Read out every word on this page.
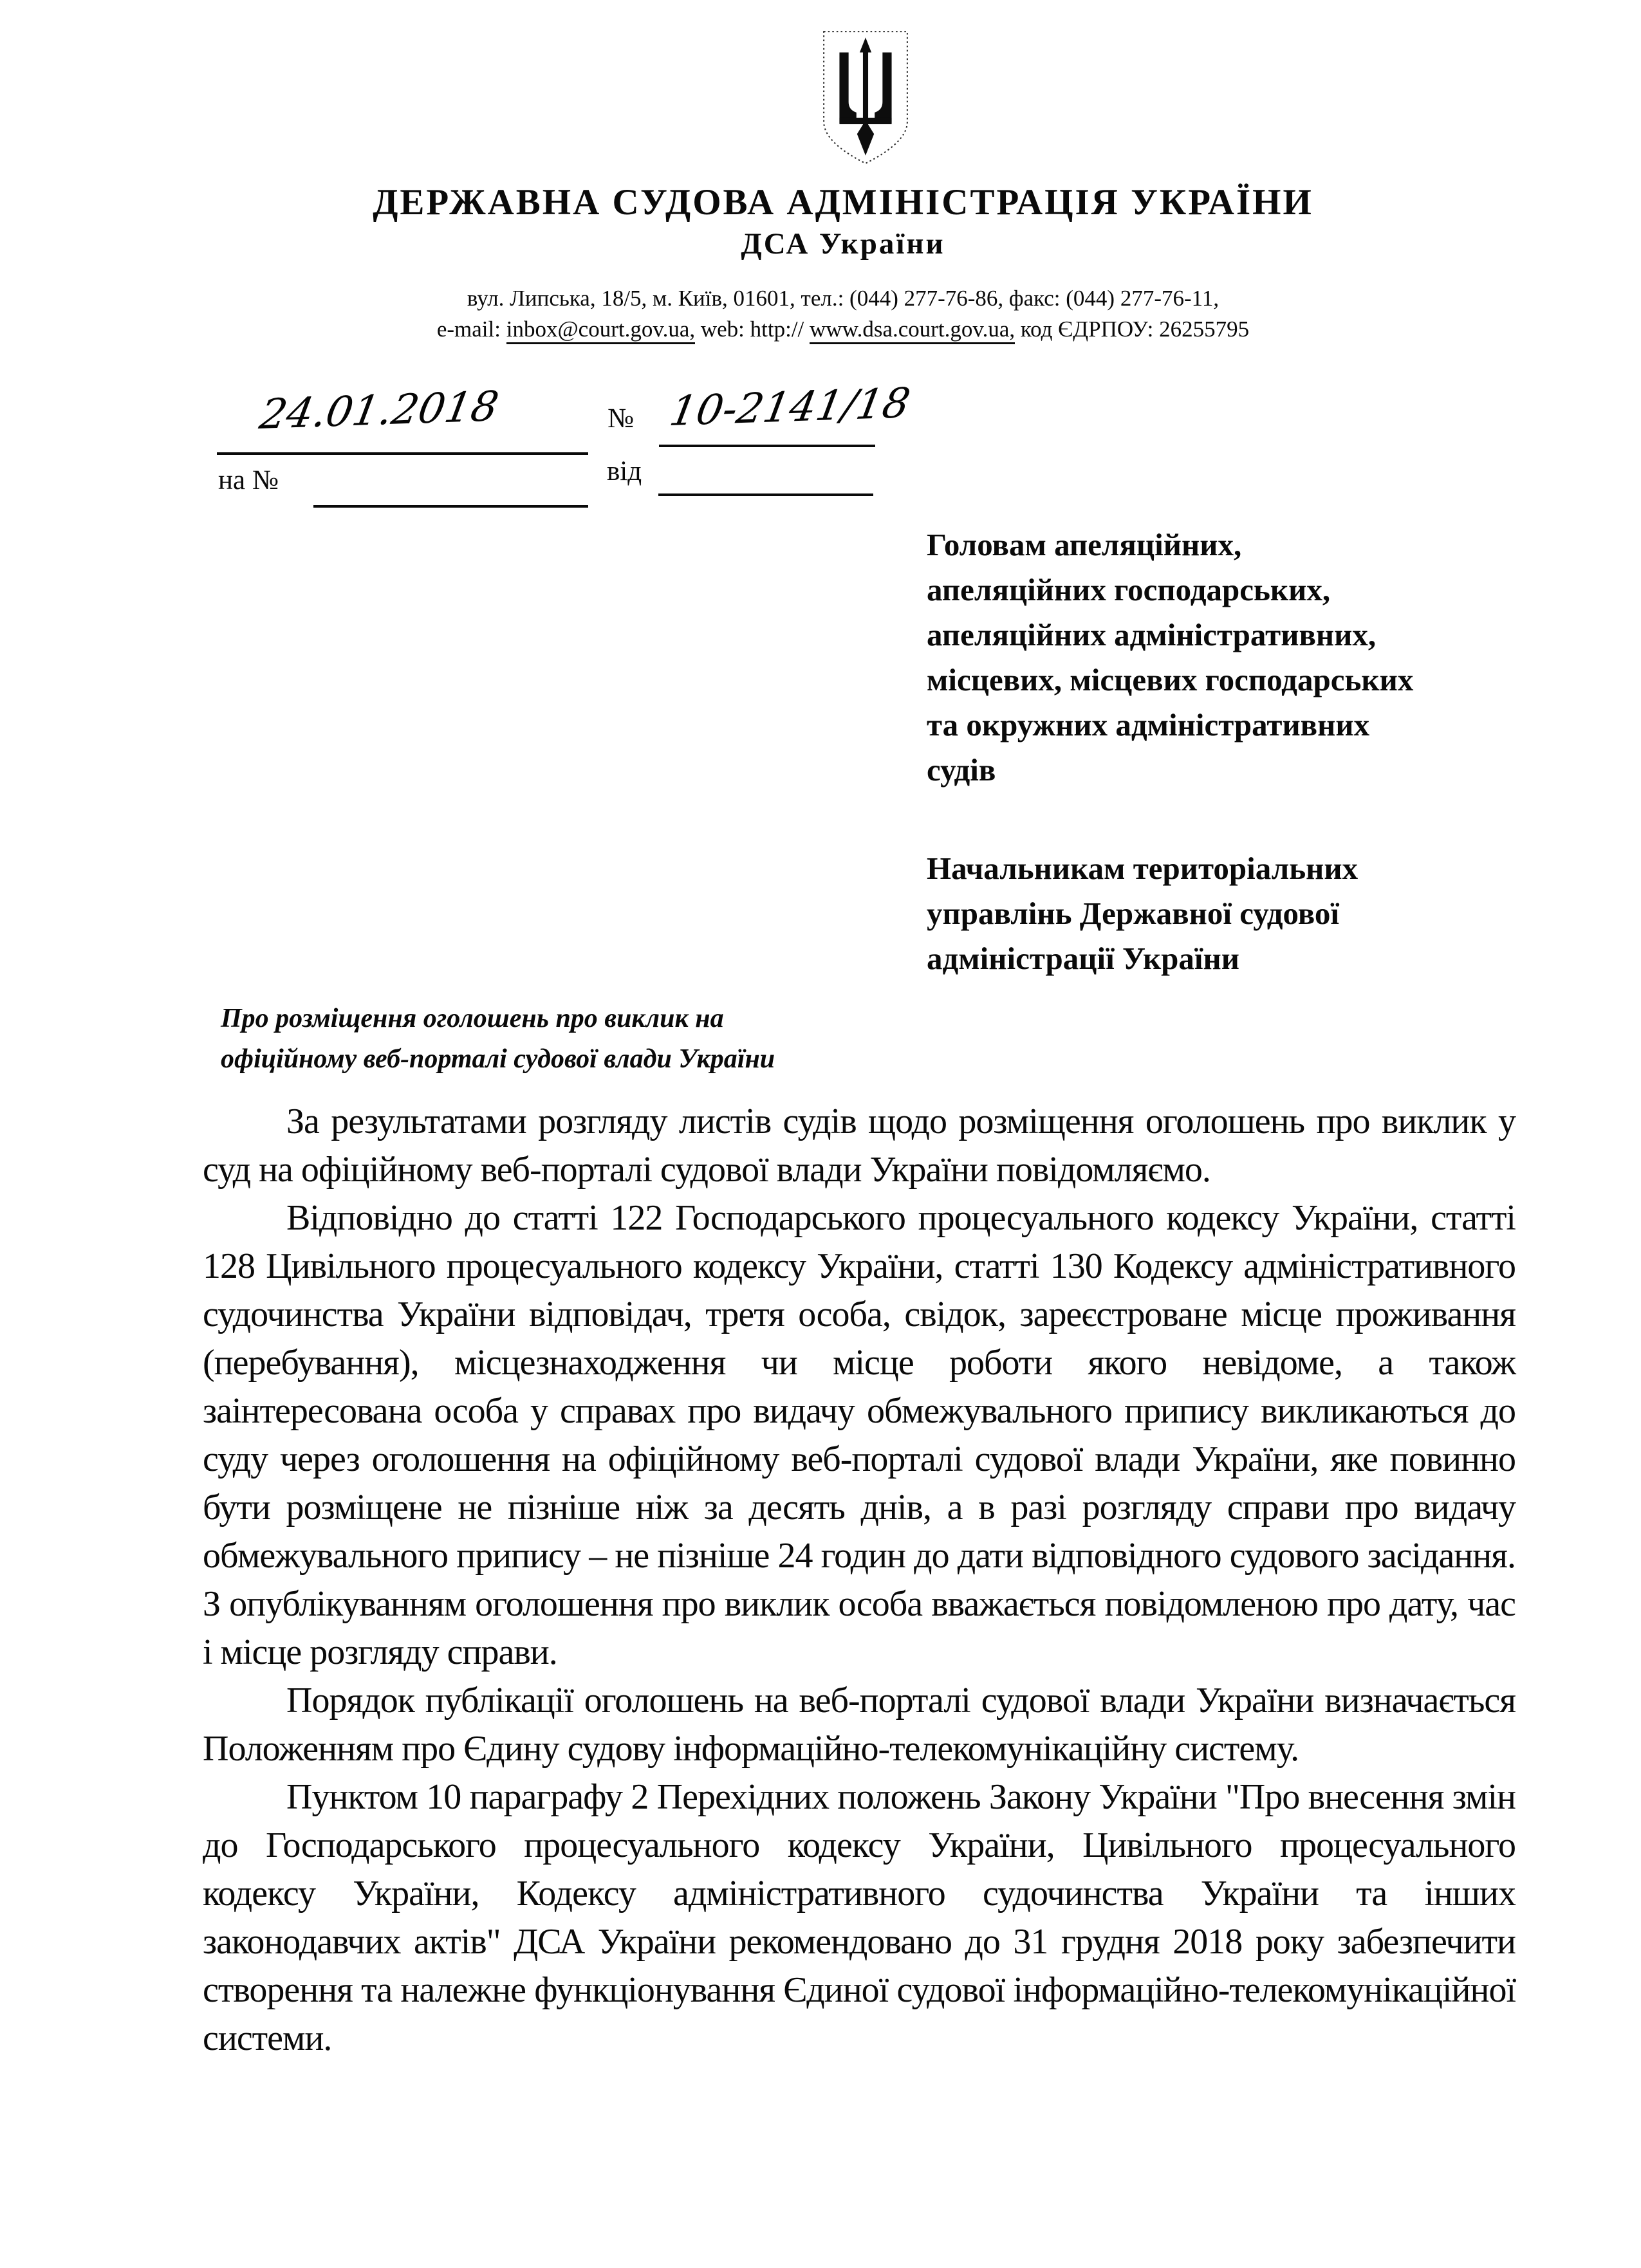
ДЕРЖАВНА СУДОВА АДМІНІСТРАЦІЯ УКРАЇНИ
ДСА України
вул. Липська, 18/5, м. Київ, 01601, тел.: (044) 277-76-86, факс: (044) 277-76-11,
e-mail: inbox@court.gov.ua, web: http:// www.dsa.court.gov.ua, код ЄДРПОУ: 26255795
24.01.2018	№ 10-2141/18
на №	від
Головам апеляційних,
апеляційних господарських,
апеляційних адміністративних,
місцевих, місцевих господарських
та окружних адміністративних
судів
Начальникам територіальних
управлінь Державної судової
адміністрації України
Про розміщення оголошень про виклик на
офіційному веб-порталі судової влади України

За результатами розгляду листів судів щодо розміщення оголошень про виклик у суд на офіційному веб-порталі судової влади України повідомляємо.

Відповідно до статті 122 Господарського процесуального кодексу України, статті 128 Цивільного процесуального кодексу України, статті 130 Кодексу адміністративного судочинства України відповідач, третя особа, свідок, зареєстроване місце проживання (перебування), місцезнаходження чи місце роботи якого невідоме, а також заінтересована особа у справах про видачу обмежувального припису викликаються до суду через оголошення на офіційному веб-порталі судової влади України, яке повинно бути розміщене не пізніше ніж за десять днів, а в разі розгляду справи про видачу обмежувального припису – не пізніше 24 годин до дати відповідного судового засідання. З опублікуванням оголошення про виклик особа вважається повідомленою про дату, час і місце розгляду справи.

Порядок публікації оголошень на веб-порталі судової влади України визначається Положенням про Єдину судову інформаційно-телекомунікаційну систему.

Пунктом 10 параграфу 2 Перехідних положень Закону України "Про внесення змін до Господарського процесуального кодексу України, Цивільного процесуального кодексу України, Кодексу адміністративного судочинства України та інших законодавчих актів" ДСА України рекомендовано до 31 грудня 2018 року забезпечити створення та належне функціонування Єдиної судової інформаційно-телекомунікаційної системи.
